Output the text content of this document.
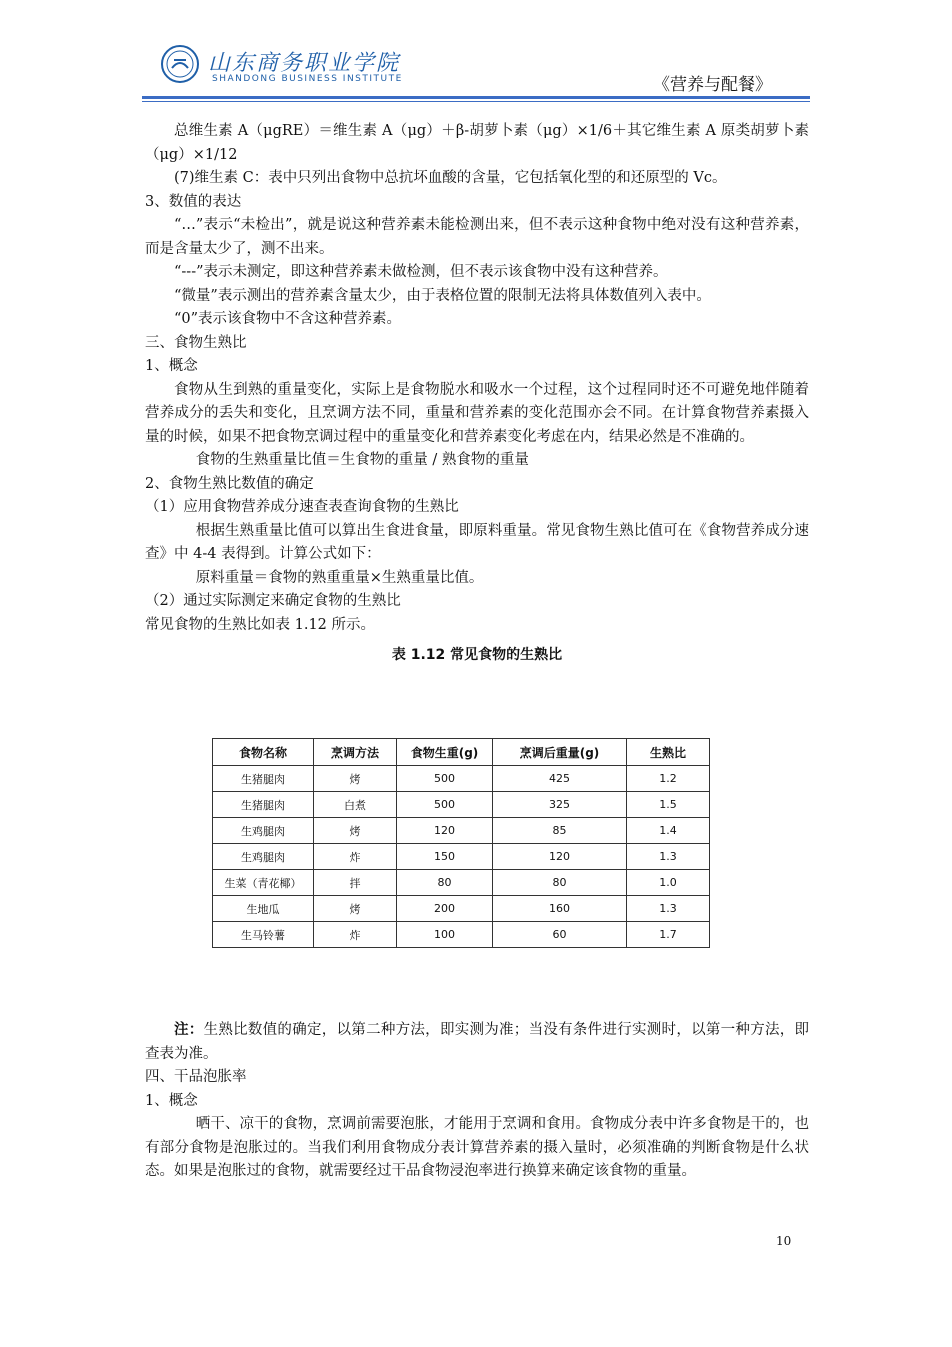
山东商务职业学院
SHANDONG BUSINESS INSTITUTE	《营养与配餐》

总维生素 A（μgRE）＝维生素 A（μg）＋β-胡萝卜素（μg）×1/6＋其它维生素 A 原类胡萝卜素（μg）×1/12

(7)维生素 C：表中只列出食物中总抗坏血酸的含量，它包括氧化型的和还原型的 Vc。

3、数值的表达

“…”表示“未检出”，就是说这种营养素未能检测出来，但不表示这种食物中绝对没有这种营养素，而是含量太少了，测不出来。

“---”表示未测定，即这种营养素未做检测，但不表示该食物中没有这种营养。

“微量”表示测出的营养素含量太少，由于表格位置的限制无法将具体数值列入表中。

“0”表示该食物中不含这种营养素。

三、食物生熟比

1、概念

食物从生到熟的重量变化，实际上是食物脱水和吸水一个过程，这个过程同时还不可避免地伴随着营养成分的丢失和变化，且烹调方法不同，重量和营养素的变化范围亦会不同。在计算食物营养素摄入量的时候，如果不把食物烹调过程中的重量变化和营养素变化考虑在内，结果必然是不准确的。

食物的生熟重量比值＝生食物的重量 / 熟食物的重量

2、食物生熟比数值的确定

（1）应用食物营养成分速查表查询食物的生熟比

根据生熟重量比值可以算出生食进食量，即原料重量。常见食物生熟比值可在《食物营养成分速查》中 4-4 表得到。计算公式如下：

原料重量＝食物的熟重重量×生熟重量比值。

（2）通过实际测定来确定食物的生熟比

常见食物的生熟比如表 1.12 所示。

表 1.12 常见食物的生熟比

食物名称	烹调方法	食物生重(g)	烹调后重量(g)	生熟比
生猪腿肉	烤	500	425	1.2
生猪腿肉	白煮	500	325	1.5
生鸡腿肉	烤	120	85	1.4
生鸡腿肉	炸	150	120	1.3
生菜（青花椰）	拌	80	80	1.0
生地瓜	烤	200	160	1.3
生马铃薯	炸	100	60	1.7

注：生熟比数值的确定，以第二种方法，即实测为准；当没有条件进行实测时，以第一种方法，即查表为准。

四、干品泡胀率

1、概念

晒干、凉干的食物，烹调前需要泡胀，才能用于烹调和食用。食物成分表中许多食物是干的，也有部分食物是泡胀过的。当我们利用食物成分表计算营养素的摄入量时，必须准确的判断食物是什么状态。如果是泡胀过的食物，就需要经过干品食物浸泡率进行换算来确定该食物的重量。

10
